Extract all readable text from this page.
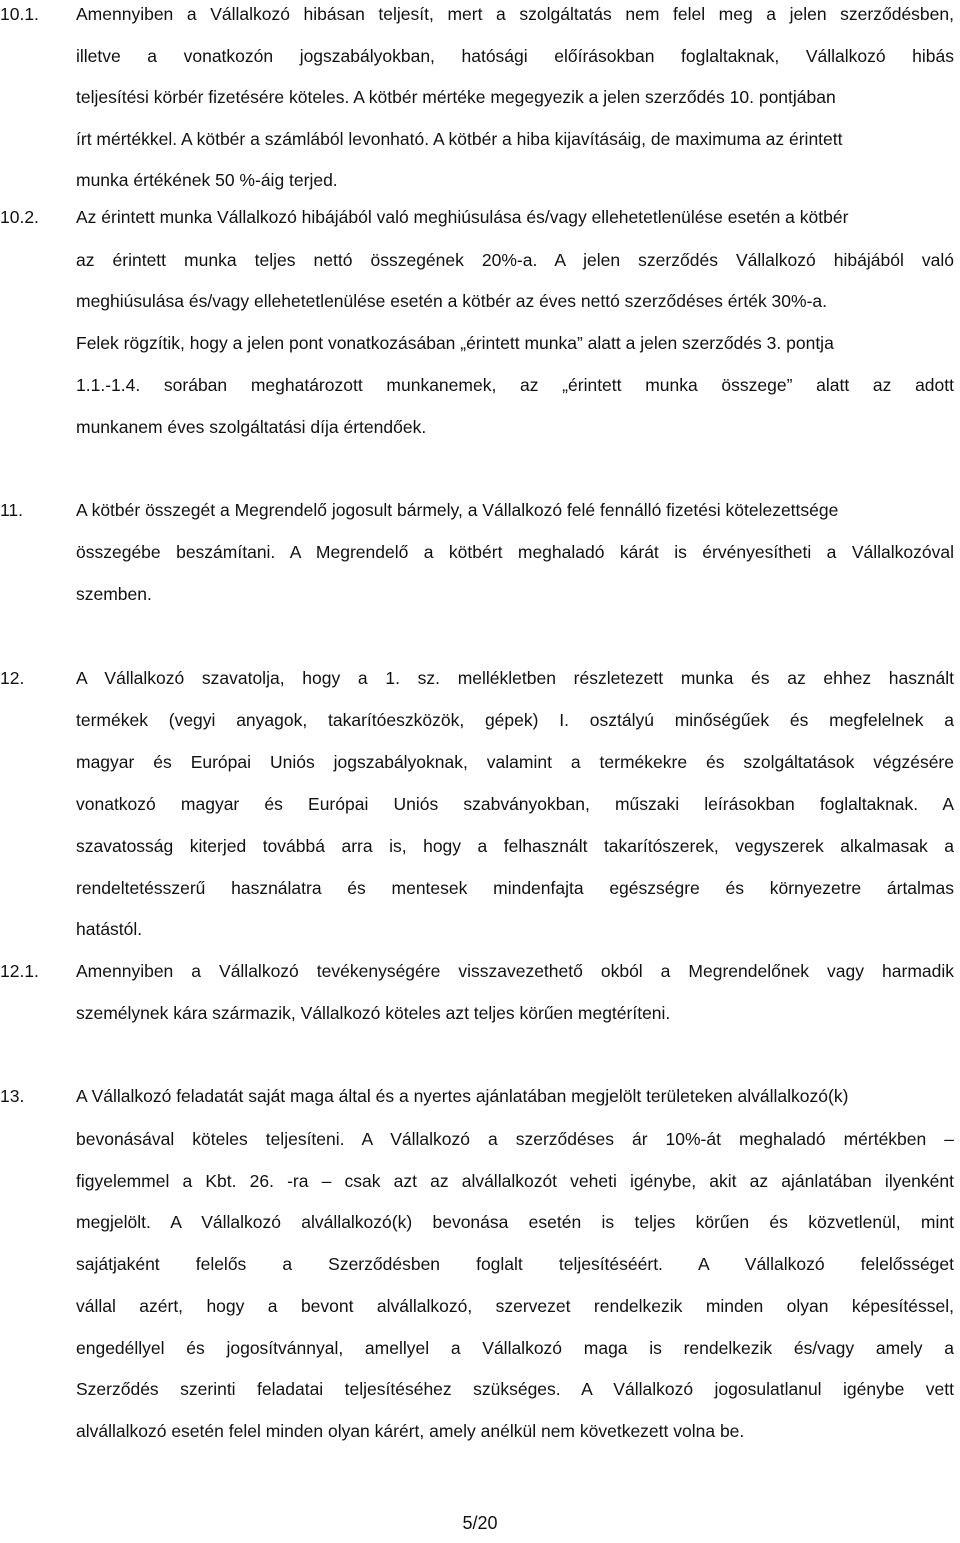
10.1.	Amennyiben a Vállalkozó hibásan teljesít, mert a szolgáltatás nem felel meg a jelen szerződésben,
illetve a vonatkozón jogszabályokban, hatósági előírásokban foglaltaknak, Vállalkozó hibás
teljesítési körbér fizetésére köteles. A kötbér mértéke megegyezik a jelen szerződés 10. pontjában
írt mértékkel. A kötbér a számlából levonható. A kötbér a hiba kijavításáig, de maximuma az érintett
munka értékének 50 %-áig terjed.
10.2.	Az érintett munka Vállalkozó hibájából való meghiúsulása és/vagy ellehetetlenülése esetén a kötbér
az érintett munka teljes nettó összegének 20%-a. A jelen szerződés Vállalkozó hibájából való
meghiúsulása és/vagy ellehetetlenülése esetén a kötbér az éves nettó szerződéses érték 30%-a.
Felek rögzítik, hogy a jelen pont vonatkozásában „érintett munka” alatt a jelen szerződés 3. pontja
1.1.-1.4. sorában meghatározott munkanemek, az „érintett munka összege” alatt az adott
munkanem éves szolgáltatási díja értendőek.
11.	A kötbér összegét a Megrendelő jogosult bármely, a Vállalkozó felé fennálló fizetési kötelezettsége
összegébe beszámítani. A Megrendelő a kötbért meghaladó kárát is érvényesítheti a Vállalkozóval
szemben.
12.	A Vállalkozó szavatolja, hogy a 1. sz. mellékletben részletezett munka és az ehhez használt
termékek (vegyi anyagok, takarítóeszközök, gépek) I. osztályú minőségűek és megfelelnek a
magyar és Európai Uniós jogszabályoknak, valamint a termékekre és szolgáltatások végzésére
vonatkozó magyar és Európai Uniós szabványokban, műszaki leírásokban foglaltaknak. A
szavatosság kiterjed továbbá arra is, hogy a felhasznált takarítószerek, vegyszerek alkalmasak a
rendeltetésszerű használatra és mentesek mindenfajta egészségre és környezetre ártalmas
hatástól.
12.1.	Amennyiben a Vállalkozó tevékenységére visszavezethető okból a Megrendelőnek vagy harmadik
személynek kára származik, Vállalkozó köteles azt teljes körűen megtéríteni.
13.	A Vállalkozó feladatát saját maga által és a nyertes ajánlatában megjelölt területeken alvállalkozó(k)
bevonásával köteles teljesíteni. A Vállalkozó a szerződéses ár 10%-át meghaladó mértékben –
figyelemmel a Kbt. 26. -ra – csak azt az alvállalkozót veheti igénybe, akit az ajánlatában ilyenként
megjelölt. A Vállalkozó alvállalkozó(k) bevonása esetén is teljes körűen és közvetlenül, mint
sajátjaként felelős a Szerződésben foglalt teljesítéséért. A Vállalkozó felelősséget
vállal azért, hogy a bevont alvállalkozó, szervezet rendelkezik minden olyan képesítéssel,
engedéllyel és jogosítvánnyal, amellyel a Vállalkozó maga is rendelkezik és/vagy amely a
Szerződés szerinti feladatai teljesítéséhez szükséges. A Vállalkozó jogosulatlanul igénybe vett
alvállalkozó esetén felel minden olyan kárért, amely anélkül nem következett volna be.
5/20
